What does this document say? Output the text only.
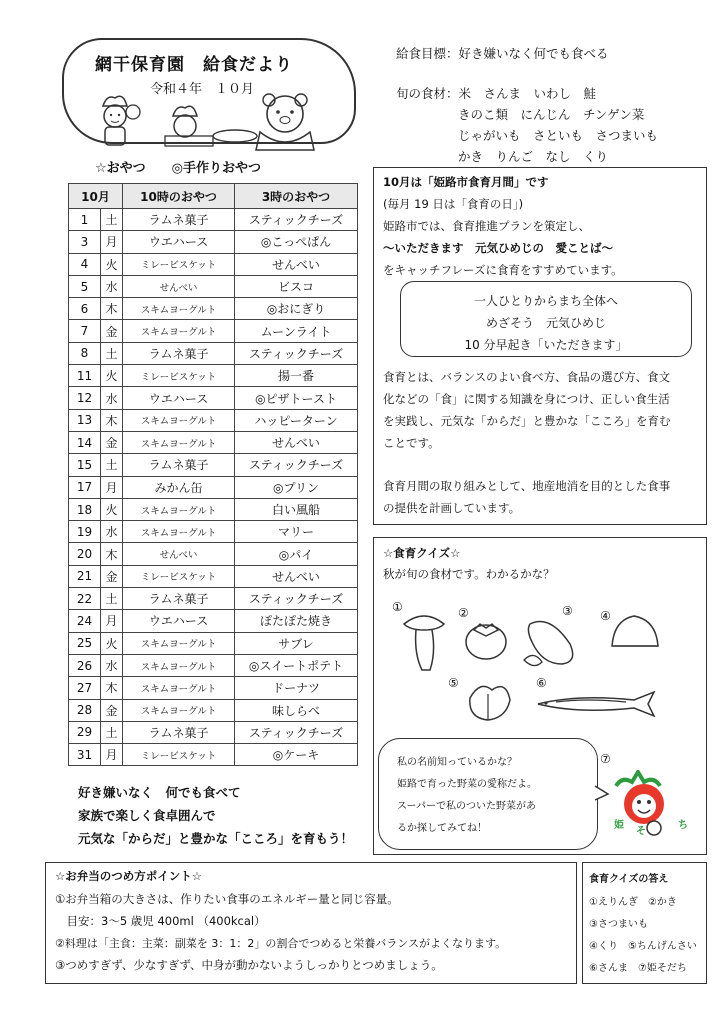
網干保育園　給食だより
令和４年　１０月
給食目標：好き嫌いなく何でも食べる
旬の食材：米　さんま　いわし　鮭
きのこ類　にんじん　チンゲン菜
じゃがいも　さといも　さつまいも
かき　りんご　なし　くり
☆おやつ　　◎手作りおやつ
10月		10時のおやつ	3時のおやつ
1	土	ラムネ菓子	スティックチーズ
3	月	ウエハース	◎こっぺぱん
4	火	ミレービスケット	せんべい
5	水	せんべい	ビスコ
6	木	スキムヨーグルト	◎おにぎり
7	金	スキムヨーグルト	ムーンライト
8	土	ラムネ菓子	スティックチーズ
11	火	ミレービスケット	揚一番
12	水	ウエハース	◎ピザトースト
13	木	スキムヨーグルト	ハッピーターン
14	金	スキムヨーグルト	せんべい
15	土	ラムネ菓子	スティックチーズ
17	月	みかん缶	◎プリン
18	火	スキムヨーグルト	白い風船
19	水	スキムヨーグルト	マリー
20	木	せんべい	◎パイ
21	金	ミレービスケット	せんべい
22	土	ラムネ菓子	スティックチーズ
24	月	ウエハース	ぽたぽた焼き
25	火	スキムヨーグルト	サブレ
26	水	スキムヨーグルト	◎スイートポテト
27	木	スキムヨーグルト	ドーナツ
28	金	スキムヨーグルト	味しらべ
29	土	ラムネ菓子	スティックチーズ
31	月	ミレービスケット	◎ケーキ
好き嫌いなく　何でも食べて
家族で楽しく食卓囲んで
元気な「からだ」と豊かな「こころ」を育もう！
10月は「姫路市食育月間」です
(毎月 19 日は「食育の日」)
姫路市では、食育推進プランを策定し、
～いただきます　元気ひめじの　愛ことば～
をキャッチフレーズに食育をすすめています。
一人ひとりからまち全体へ
めざそう　元気ひめじ
10 分早起き「いただきます」
食育とは、バランスのよい食べ方、食品の選び方、食文
化などの「食」に関する知識を身につけ、正しい食生活
を実践し、元気な「からだ」と豊かな「こころ」を育む
ことです。
食育月間の取り組みとして、地産地消を目的とした食事
の提供を計画しています。
☆食育クイズ☆
秋が旬の食材です。わかるかな？
①	②	③ ④
⑤	⑥
⑦
私の名前知っているかな？
姫路で育った野菜の愛称だよ。
スーパーで私のついた野菜があ
るか探してみてね！	姫
そ
ち
☆お弁当のつめ方ポイント☆
①お弁当箱の大きさは、作りたい食事のエネルギー量と同じ容量。
　目安：3～5 歳児 400ml （400kcal）
②料理は「主食：主菜：副菜を 3：1：2」の割合でつめると栄養バランスがよくなります。
③つめすぎず、少なすぎず、中身が動かないようしっかりとつめましょう。
食育クイズの答え
①えりんぎ　②かき
③さつまいも
④くり　⑤ちんげんさい
⑥さんま　⑦姫そだち
